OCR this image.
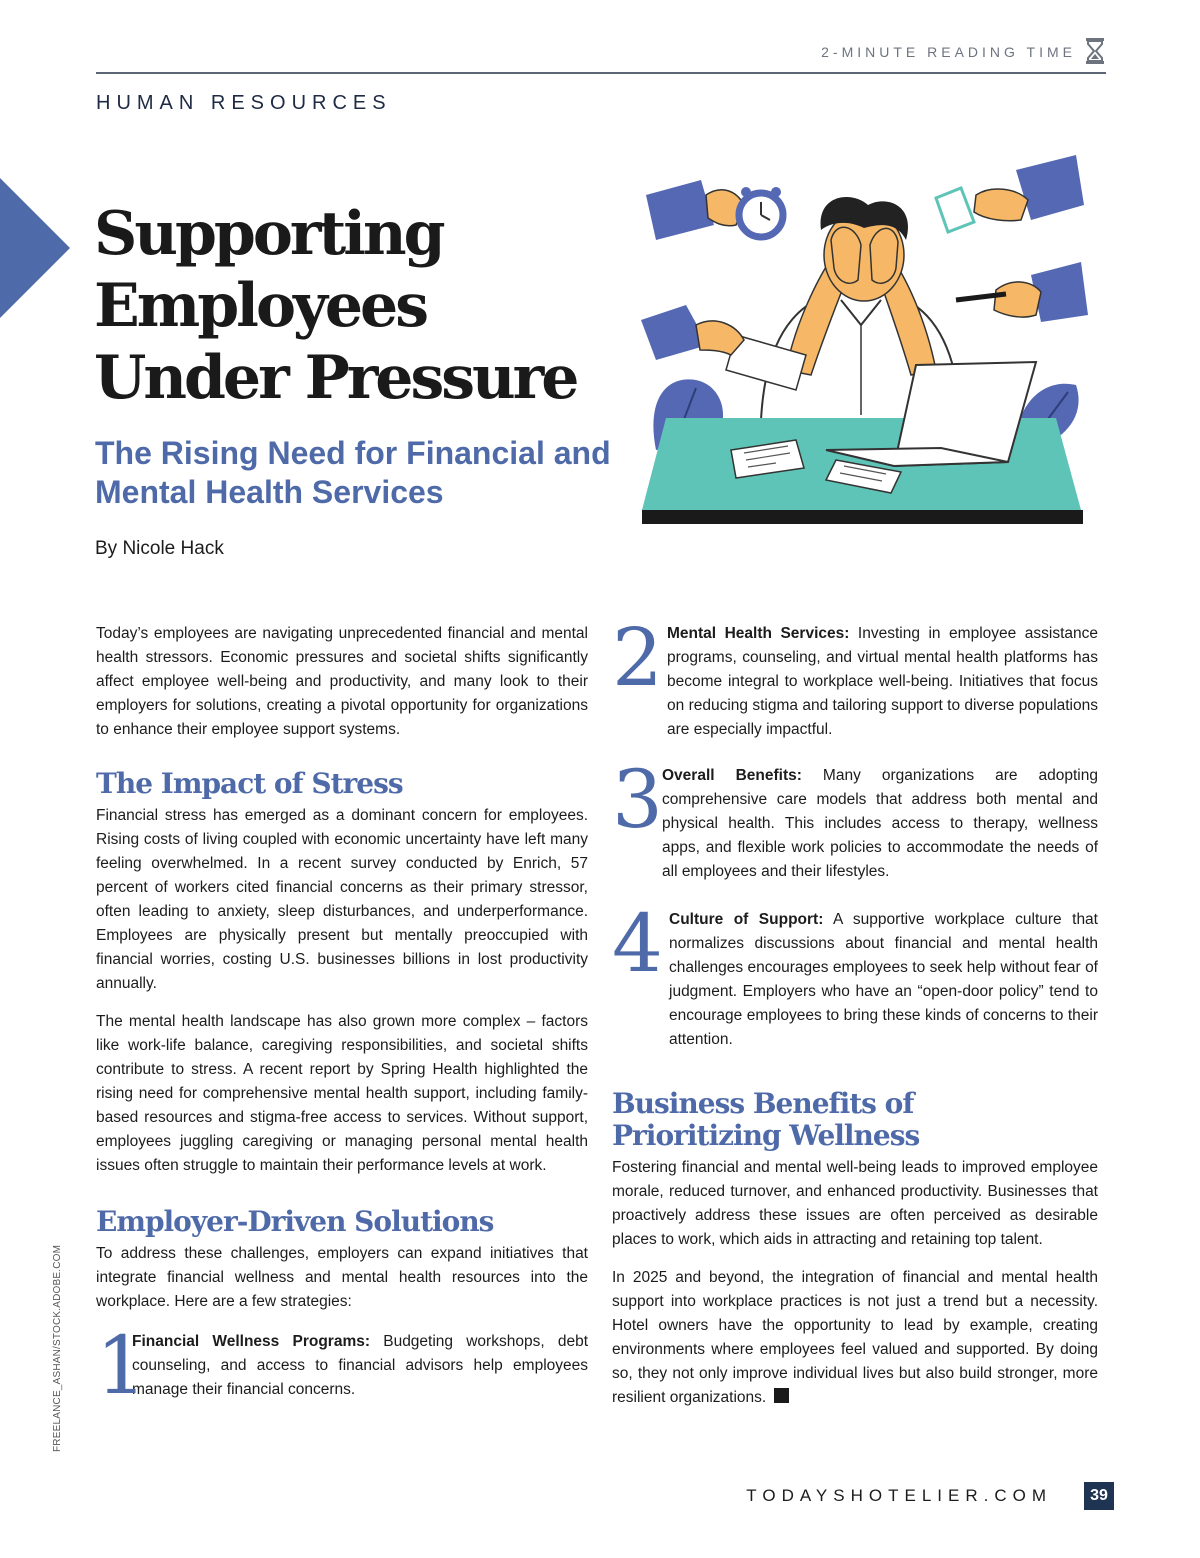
2-MINUTE READING TIME
HUMAN RESOURCES
Supporting Employees Under Pressure
The Rising Need for Financial and Mental Health Services
By Nicole Hack

Today’s employees are navigating unprecedented financial and mental health stressors. Economic pressures and societal shifts significantly affect employee well-being and productivity, and many look to their employers for solutions, creating a pivotal opportunity for organizations to enhance their employee support systems.

The Impact of Stress

Financial stress has emerged as a dominant concern for employees. Rising costs of living coupled with economic uncertainty have left many feeling overwhelmed. In a recent survey conducted by Enrich, 57 percent of workers cited financial concerns as their primary stressor, often leading to anxiety, sleep disturbances, and underperformance. Employees are physically present but mentally preoccupied with financial worries, costing U.S. businesses billions in lost productivity annually.

The mental health landscape has also grown more complex – factors like work-life balance, caregiving responsibilities, and societal shifts contribute to stress. A recent report by Spring Health highlighted the rising need for comprehensive mental health support, including family-based resources and stigma-free access to services. Without support, employees juggling caregiving or managing personal mental health issues often struggle to maintain their performance levels at work.

Employer-Driven Solutions

To address these challenges, employers can expand initiatives that integrate financial wellness and mental health resources into the workplace. Here are a few strategies:

1

Financial Wellness Programs: Budgeting workshops, debt counseling, and access to financial advisors help employees manage their financial concerns.

2 Mental Health Services: Investing in employee assistance programs, counseling, and virtual mental health platforms has become integral to workplace well-being. Initiatives that focus on reducing stigma and tailoring support to diverse populations are especially impactful.

3 Overall Benefits: Many organizations are adopting comprehensive care models that address both mental and physical health. This includes access to therapy, wellness apps, and flexible work policies to accommodate the needs of all employees and their lifestyles.

4 Culture of Support: A supportive workplace culture that normalizes discussions about financial and mental health challenges encourages employees to seek help without fear of judgment. Employers who have an “open-door policy” tend to encourage employees to bring these kinds of concerns to their attention.

Business Benefits of Prioritizing Wellness

Fostering financial and mental well-being leads to improved employee morale, reduced turnover, and enhanced productivity. Businesses that proactively address these issues are often perceived as desirable places to work, which aids in attracting and retaining top talent.

In 2025 and beyond, the integration of financial and mental health support into workplace practices is not just a trend but a necessity. Hotel owners have the opportunity to lead by example, creating environments where employees feel valued and supported. By doing so, they not only improve individual lives but also build stronger, more resilient organizations.

FREELANCE_ASHAN/STOCK.ADOBE.COM
TODAYSHOTELIER.COM	39
